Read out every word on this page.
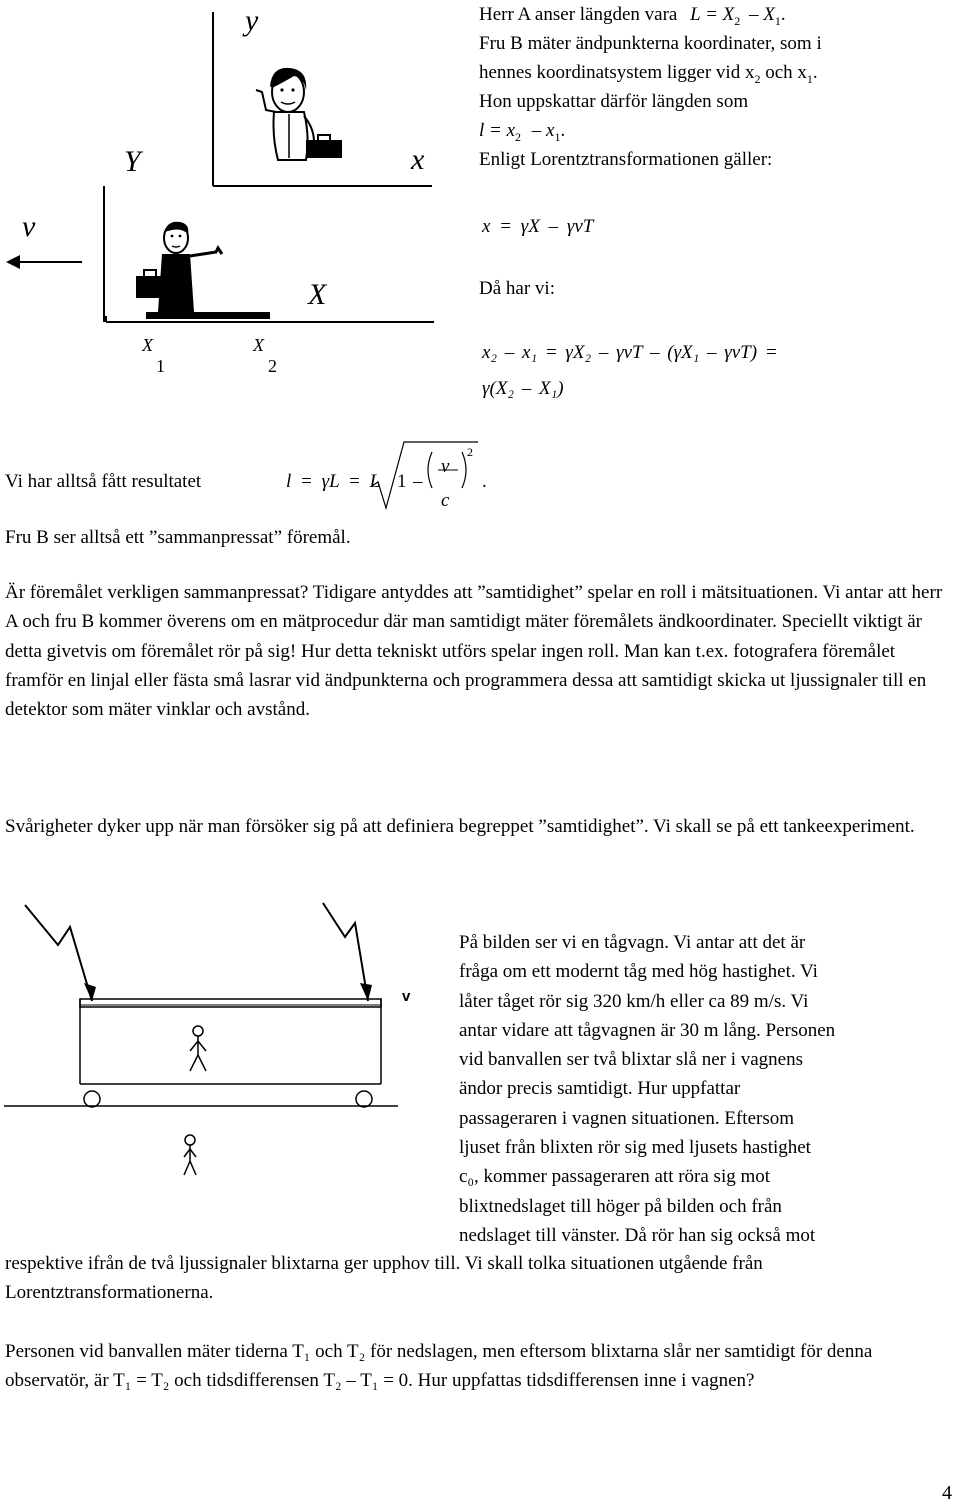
y
Y	x
v
X
X
1
X
2
Herr A anser längden vara $L = X_2 - X_1$.
Fru B mäter ändpunkterna koordinater, som i
hennes koordinatsystem ligger vid $x_2$ och $x_1$.
Hon uppskattar därför längden som
$l = x_2 - x_1$.
Enligt Lorentztransformationen gäller:
x = γX – γvT
Då har vi:
x₂ – x₁ = γX₂ – γvT – (γX₁ – γvT) =
γ(X₂ – X₁)
Vi har alltså fått resultatet	l = γL = L 1 –
v
c
2
.
Fru B ser alltså ett ”sammanpressat” föremål.
Är föremålet verkligen sammanpressat? Tidigare antyddes att ”samtidighet” spelar en roll i mätsituationen. Vi antar att herr A och fru B kommer överens om en mätprocedur där man samtidigt mäter föremålets ändkoordinater. Speciellt viktigt är detta givetvis om föremålet rör på sig! Hur detta tekniskt utförs spelar ingen roll. Man kan t.ex. fotografera föremålet framför en linjal eller fästa små lasrar vid ändpunkterna och programmera dessa att samtidigt skicka ut ljussignaler till en detektor som mäter vinklar och avstånd.
Svårigheter dyker upp när man försöker sig på att definiera begreppet ”samtidighet”. Vi skall se på ett tankeexperiment.
v
På bilden ser vi en tågvagn. Vi antar att det är
fråga om ett modernt tåg med hög hastighet. Vi
låter tåget rör sig 320 km/h eller ca 89 m/s. Vi
antar vidare att tågvagnen är 30 m lång. Personen
vid banvallen ser två blixtar slå ner i vagnens
ändor precis samtidigt. Hur uppfattar
passageraren i vagnen situationen. Eftersom
ljuset från blixten rör sig med ljusets hastighet
c₀, kommer passageraren att röra sig mot
blixtnedslaget till höger på bilden och från
nedslaget till vänster. Då rör han sig också mot
respektive ifrån de två ljussignaler blixtarna ger upphov till. Vi skall tolka situationen utgående från Lorentztransformationerna.
Personen vid banvallen mäter tiderna T₁ och T₂ för nedslagen, men eftersom blixtarna slår ner samtidigt för denna observatör, är T₁ = T₂ och tidsdifferensen T₂ – T₁ = 0. Hur uppfattas tidsdifferensen inne i vagnen?
4
